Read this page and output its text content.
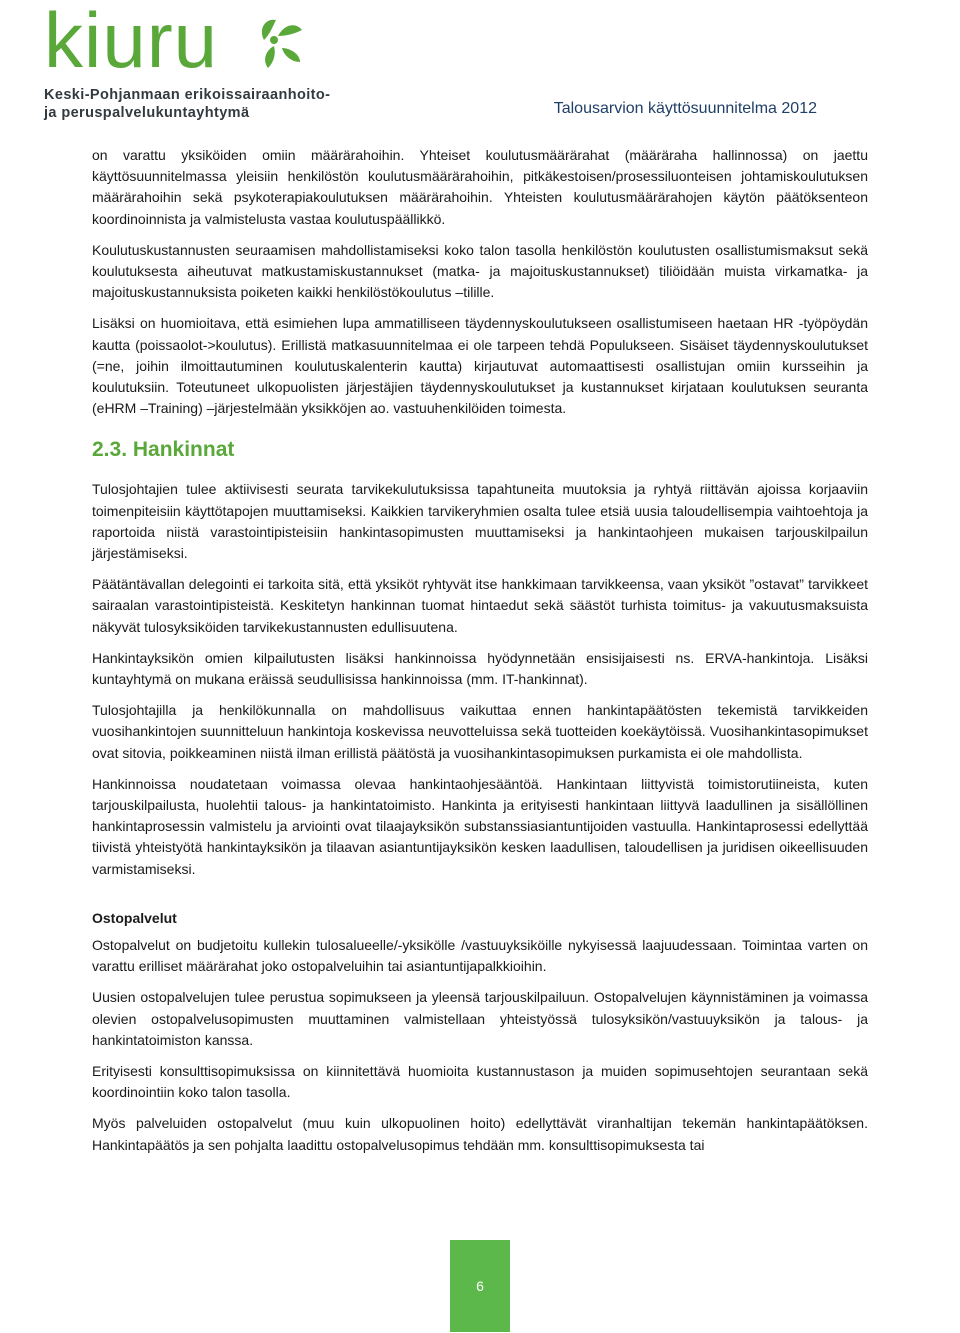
kiuru
Keski-Pohjanmaan erikoissairaanhoito-
ja peruspalvelukuntayhtymä	Talousarvion käyttösuunnitelma 2012

on varattu yksiköiden omiin määrärahoihin. Yhteiset koulutusmäärärahat (määräraha hallinnossa) on jaettu käyttösuunnitelmassa yleisiin henkilöstön koulutusmäärärahoihin, pitkäkestoisen/prosessiluonteisen johtamiskoulutuksen määrärahoihin sekä psykoterapiakoulutuksen määrärahoihin. Yhteisten koulutusmäärärahojen käytön päätöksenteon koordinoinnista ja valmistelusta vastaa koulutuspäällikkö.

Koulutuskustannusten seuraamisen mahdollistamiseksi koko talon tasolla henkilöstön koulutusten osallistumismaksut sekä koulutuksesta aiheutuvat matkustamiskustannukset (matka- ja majoituskustannukset) tiliöidään muista virkamatka- ja majoituskustannuksista poiketen kaikki henkilöstökoulutus –tilille.

Lisäksi on huomioitava, että esimiehen lupa ammatilliseen täydennyskoulutukseen osallistumiseen haetaan HR -työpöydän kautta (poissaolot->koulutus). Erillistä matkasuunnitelmaa ei ole tarpeen tehdä Populukseen. Sisäiset täydennyskoulutukset (=ne, joihin ilmoittautuminen koulutuskalenterin kautta) kirjautuvat automaattisesti osallistujan omiin kursseihin ja koulutuksiin. Toteutuneet ulkopuolisten järjestäjien täydennyskoulutukset ja kustannukset kirjataan koulutuksen seuranta (eHRM –Training) –järjestelmään yksikköjen ao. vastuuhenkilöiden toimesta.

2.3. Hankinnat

Tulosjohtajien tulee aktiivisesti seurata tarvikekulutuksissa tapahtuneita muutoksia ja ryhtyä riittävän ajoissa korjaaviin toimenpiteisiin käyttötapojen muuttamiseksi. Kaikkien tarvikeryhmien osalta tulee etsiä uusia taloudellisempia vaihtoehtoja ja raportoida niistä varastointipisteisiin hankintasopimusten muuttamiseksi ja hankintaohjeen mukaisen tarjouskilpailun järjestämiseksi.

Päätäntävallan delegointi ei tarkoita sitä, että yksiköt ryhtyvät itse hankkimaan tarvikkeensa, vaan yksiköt ”ostavat” tarvikkeet sairaalan varastointipisteistä. Keskitetyn hankinnan tuomat hintaedut sekä säästöt turhista toimitus- ja vakuutusmaksuista näkyvät tulosyksiköiden tarvikekustannusten edullisuutena.

Hankintayksikön omien kilpailutusten lisäksi hankinnoissa hyödynnetään ensisijaisesti ns. ERVA-hankintoja. Lisäksi kuntayhtymä on mukana eräissä seudullisissa hankinnoissa (mm. IT-hankinnat).

Tulosjohtajilla ja henkilökunnalla on mahdollisuus vaikuttaa ennen hankintapäätösten tekemistä tarvikkeiden vuosihankintojen suunnitteluun hankintoja koskevissa neuvotteluissa sekä tuotteiden koekäytöissä. Vuosihankintasopimukset ovat sitovia, poikkeaminen niistä ilman erillistä päätöstä ja vuosihankintasopimuksen purkamista ei ole mahdollista.

Hankinnoissa noudatetaan voimassa olevaa hankintaohjesääntöä. Hankintaan liittyvistä toimistorutiineista, kuten tarjouskilpailusta, huolehtii talous- ja hankintatoimisto. Hankinta ja erityisesti hankintaan liittyvä laadullinen ja sisällöllinen hankintaprosessin valmistelu ja arviointi ovat tilaajayksikön substanssiasiantuntijoiden vastuulla. Hankintaprosessi edellyttää tiivistä yhteistyötä hankintayksikön ja tilaavan asiantuntijayksikön kesken laadullisen, taloudellisen ja juridisen oikeellisuuden varmistamiseksi.

Ostopalvelut

Ostopalvelut on budjetoitu kullekin tulosalueelle/-yksikölle /vastuuyksiköille nykyisessä laajuudessaan. Toimintaa varten on varattu erilliset määrärahat joko ostopalveluihin tai asiantuntijapalkkioihin.

Uusien ostopalvelujen tulee perustua sopimukseen ja yleensä tarjouskilpailuun. Ostopalvelujen käynnistäminen ja voimassa olevien ostopalvelusopimusten muuttaminen valmistellaan yhteistyössä tulosyksikön/vastuuyksikön ja talous- ja hankintatoimiston kanssa.

Erityisesti konsulttisopimuksissa on kiinnitettävä huomioita kustannustason ja muiden sopimusehtojen seurantaan sekä koordinointiin koko talon tasolla.

Myös palveluiden ostopalvelut (muu kuin ulkopuolinen hoito) edellyttävät viranhaltijan tekemän hankintapäätöksen. Hankintapäätös ja sen pohjalta laadittu ostopalvelusopimus tehdään mm. konsulttisopimuksesta tai

6
